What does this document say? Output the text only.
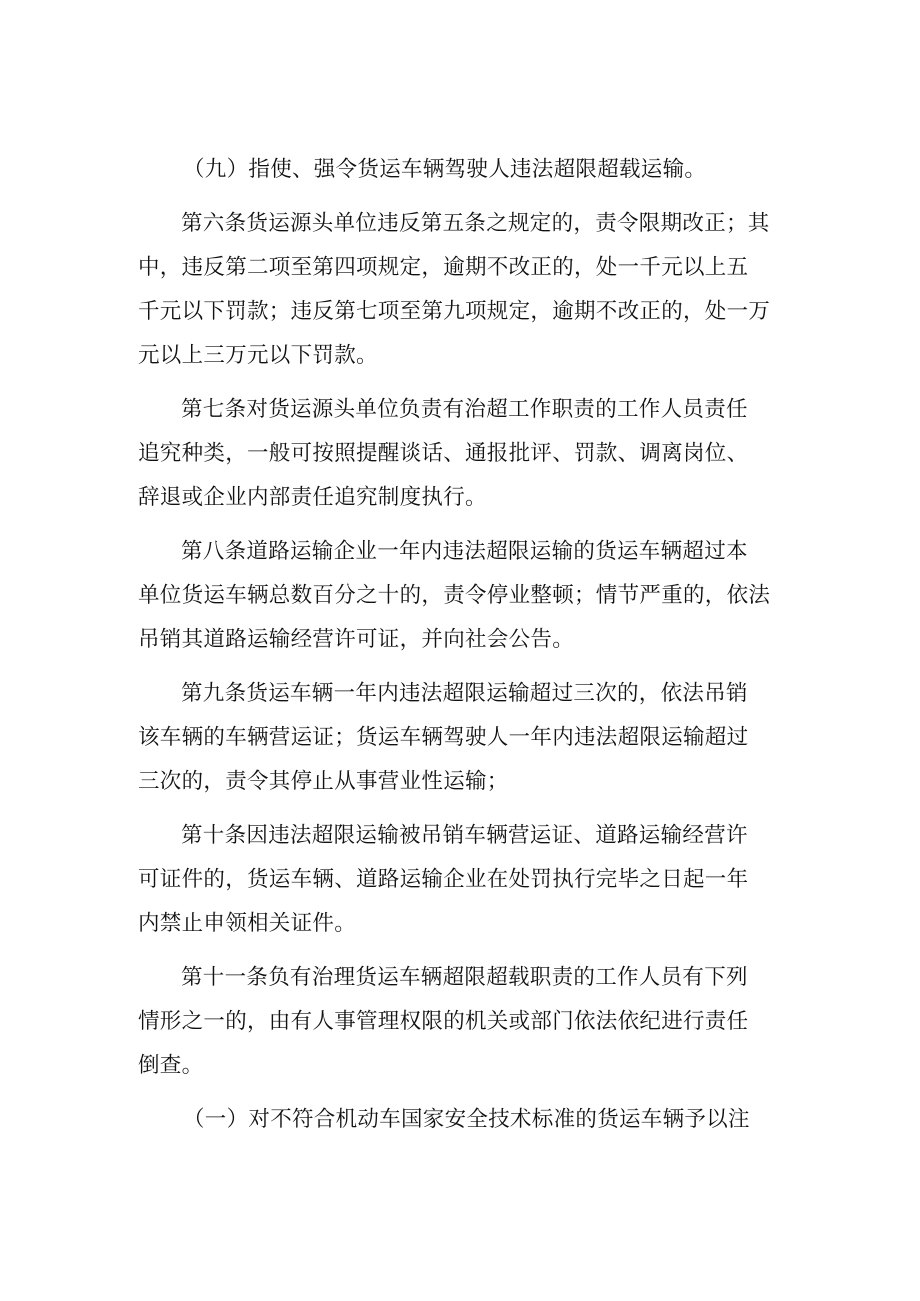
（九）指使、强令货运车辆驾驶人违法超限超载运输。

第六条货运源头单位违反第五条之规定的，责令限期改正；其
中，违反第二项至第四项规定，逾期不改正的，处一千元以上五
千元以下罚款；违反第七项至第九项规定，逾期不改正的，处一万
元以上三万元以下罚款。

第七条对货运源头单位负责有治超工作职责的工作人员责任
追究种类，一般可按照提醒谈话、通报批评、罚款、调离岗位、
辞退或企业内部责任追究制度执行。

第八条道路运输企业一年内违法超限运输的货运车辆超过本
单位货运车辆总数百分之十的，责令停业整顿；情节严重的，依法
吊销其道路运输经营许可证，并向社会公告。

第九条货运车辆一年内违法超限运输超过三次的，依法吊销
该车辆的车辆营运证；货运车辆驾驶人一年内违法超限运输超过
三次的，责令其停止从事营业性运输；

第十条因违法超限运输被吊销车辆营运证、道路运输经营许
可证件的，货运车辆、道路运输企业在处罚执行完毕之日起一年
内禁止申领相关证件。

第十一条负有治理货运车辆超限超载职责的工作人员有下列
情形之一的，由有人事管理权限的机关或部门依法依纪进行责任
倒查。

（一）对不符合机动车国家安全技术标准的货运车辆予以注
